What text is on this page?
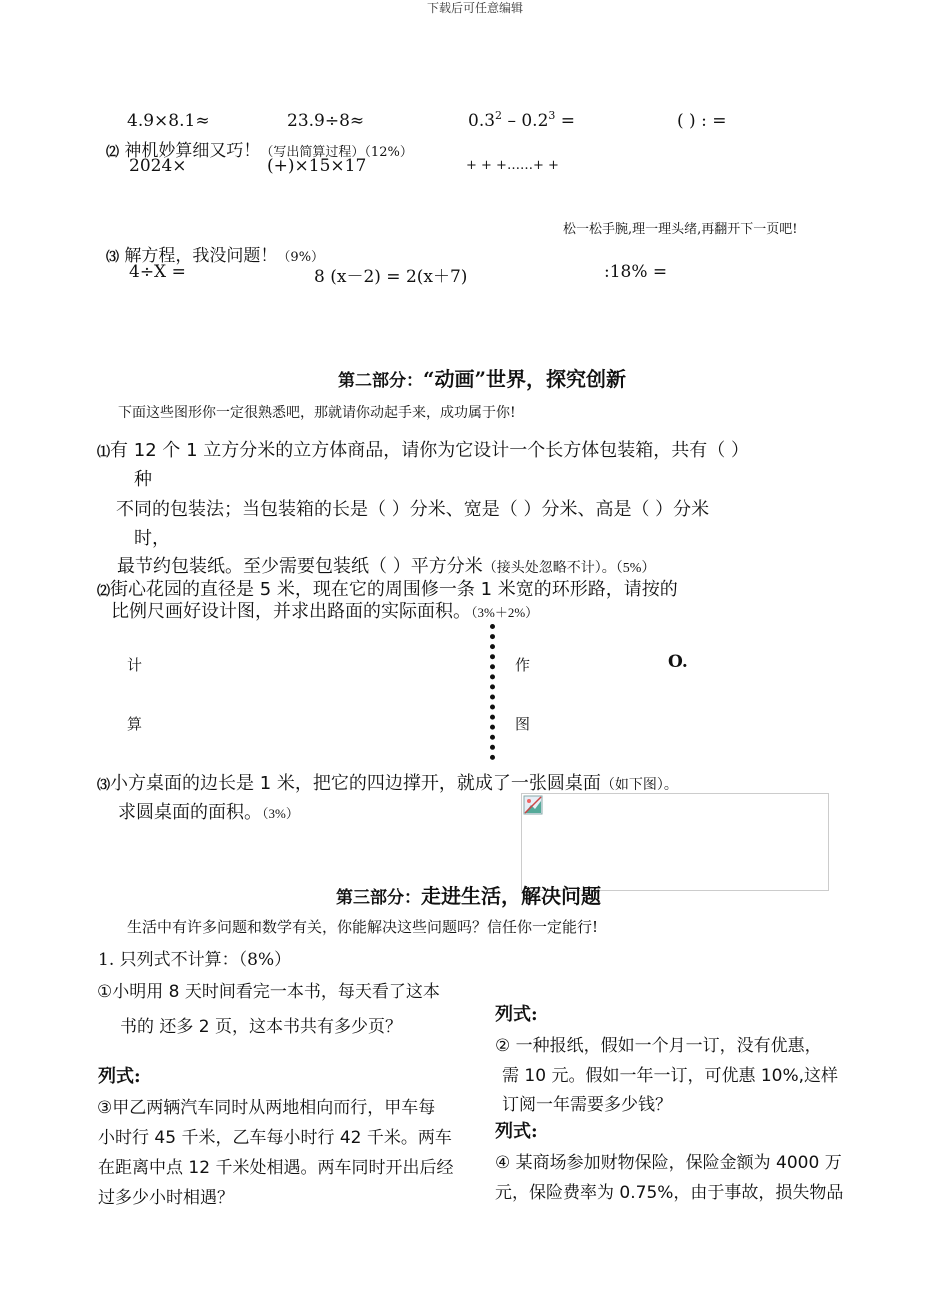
下载后可任意编辑
4.9×8.1≈	23.9÷8≈	$0.3^2 - 0.2^3$ =	( ) : =
⑵ 神机妙算细又巧！（写出简算过程）（12%）
2024×	(+)×15×17	+ + +……+ +
松一松手腕,理一理头绪,再翻开下一页吧!
⑶ 解方程，我没问题！（9%）
4÷X =	8 (x－2) = 2(x＋7)	:18% =
第二部分：“动画”世界，探究创新
下面这些图形你一定很熟悉吧，那就请你动起手来，成功属于你!
⑴有 12 个 1 立方分米的立方体商品，请你为它设计一个长方体包装箱，共有（ ）
种
不同的包装法；当包装箱的长是（ ）分米、宽是（ ）分米、高是（ ）分米
时，
最节约包装纸。至少需要包装纸（ ）平方分米（接头处忽略不计）。（5%）
⑵街心花园的直径是 5 米，现在它的周围修一条 1 米宽的环形路，请按的
比例尺画好设计图，并求出路面的实际面积。（3%＋2%）
计
算
作
图
O.
⑶小方桌面的边长是 1 米，把它的四边撑开，就成了一张圆桌面（如下图）。
求圆桌面的面积。（3%）
第三部分：走进生活，解决问题
生活中有许多问题和数学有关，你能解决这些问题吗？信任你一定能行!
1. 只列式不计算：（8%）
①小明用 8 天时间看完一本书，每天看了这本
书的 还多 2 页，这本书共有多少页？
列式:
② 一种报纸，假如一个月一订，没有优惠，
需 10 元。假如一年一订，可优惠 10%,这样
订阅一年需要多少钱？
列式:
③甲乙两辆汽车同时从两地相向而行，甲车每
小时行 45 千米，乙车每小时行 42 千米。两车
在距离中点 12 千米处相遇。两车同时开出后经
过多少小时相遇？
列式:
④ 某商场参加财物保险，保险金额为 4000 万
元，保险费率为 0.75%，由于事故，损失物品
